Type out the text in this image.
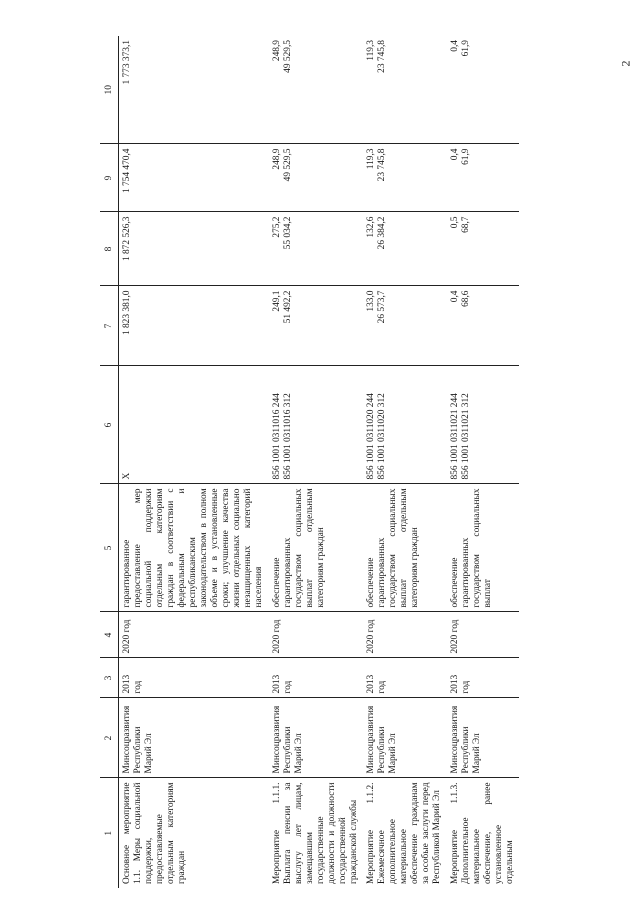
2
1	2	3	4	5	6	7	8	9	10
Основное мероприятие 1.1. Меры социальной поддержки, предоставляемые отдельным категориям граждан	Минсоцразвития Республики Марий Эл	2013 год	2020 год	гарантированное предоставление мер социальной поддержки отдельным категориям граждан в соответствии с федеральным и республиканским законодательством в полном объеме и в установленные сроки; улучшение качества жизни отдельных социально незащищенных категорий населения	Х	1 823 381,0	1 872 526,3	1 754 470,4	1 773 373,1

Мероприятие 1.1.1. Выплата пенсии за выслугу лет лицам, замещавшим государственные должности и должности государственной гражданской службы	Минсоцразвития Республики Марий Эл	2013 год	2020 год	обеспечение гарантированных государством социальных выплат отдельным категориям граждан	856 1001 0311016 244 856 1001 0311016 312	249,1 51 492,2	275,2 55 034,2	248,9 49 529,5	248,9 49 529,5

Мероприятие 1.1.2. Ежемесячное дополнительное материальное обеспечение гражданам за особые заслуги перед Республикой Марий Эл	Минсоцразвития Республики Марий Эл	2013 год	2020 год	обеспечение гарантированных государством социальных выплат отдельным категориям граждан	856 1001 0311020 244 856 1001 0311020 312	133,0 26 573,7	132,6 26 384,2	119,3 23 745,8	119,3 23 745,8

Мероприятие 1.1.3. Дополнительное материальное обеспечение, ранее установленное отдельным	Минсоцразвития Республики Марий Эл	2013 год	2020 год	обеспечение гарантированных государством социальных выплат	856 1001 0311021 244 856 1001 0311021 312	0,4 68,6	0,5 68,7	0,4 61,9	0,4 61,9
